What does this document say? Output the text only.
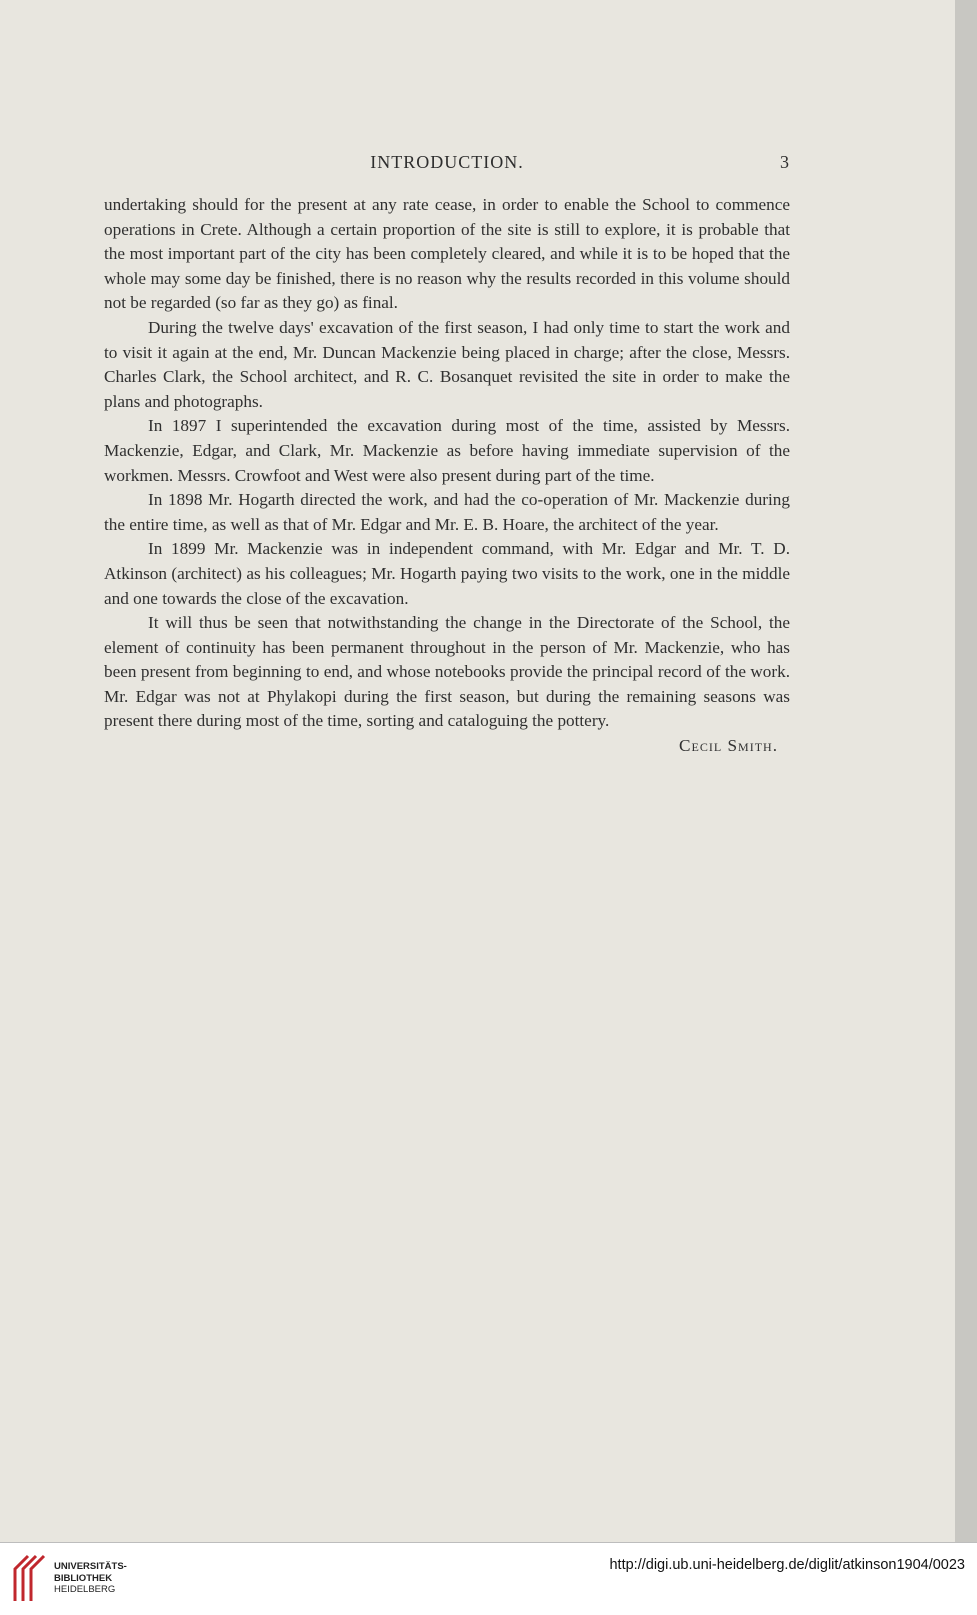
INTRODUCTION.	3

undertaking should for the present at any rate cease, in order to enable the School to commence operations in Crete. Although a certain proportion of the site is still to explore, it is probable that the most important part of the city has been completely cleared, and while it is to be hoped that the whole may some day be finished, there is no reason why the results recorded in this volume should not be regarded (so far as they go) as final.

During the twelve days' excavation of the first season, I had only time to start the work and to visit it again at the end, Mr. Duncan Mackenzie being placed in charge; after the close, Messrs. Charles Clark, the School architect, and R. C. Bosanquet revisited the site in order to make the plans and photographs.

In 1897 I superintended the excavation during most of the time, assisted by Messrs. Mackenzie, Edgar, and Clark, Mr. Mackenzie as before having immediate supervision of the workmen. Messrs. Crowfoot and West were also present during part of the time.

In 1898 Mr. Hogarth directed the work, and had the co-operation of Mr. Mackenzie during the entire time, as well as that of Mr. Edgar and Mr. E. B. Hoare, the architect of the year.

In 1899 Mr. Mackenzie was in independent command, with Mr. Edgar and Mr. T. D. Atkinson (architect) as his colleagues; Mr. Hogarth paying two visits to the work, one in the middle and one towards the close of the excavation.

It will thus be seen that notwithstanding the change in the Directorate of the School, the element of continuity has been permanent throughout in the person of Mr. Mackenzie, who has been present from beginning to end, and whose notebooks provide the principal record of the work. Mr. Edgar was not at Phylakopi during the first season, but during the remaining seasons was present there during most of the time, sorting and cataloguing the pottery.

Cecil Smith.
UNIVERSITÄTS-
BIBLIOTHEK
HEIDELBERG
http://digi.ub.uni-heidelberg.de/diglit/atkinson1904/0023
